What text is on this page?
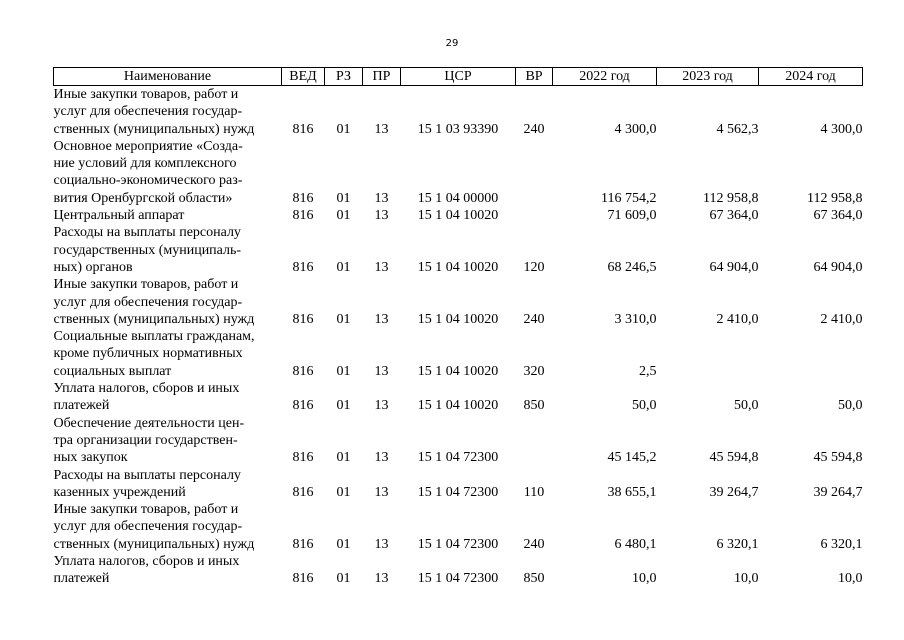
29
Наименование	ВЕД	РЗ	ПР	ЦСР	ВР	2022 год	2023 год	2024 год

Иные закупки товаров, работ и
услуг для обеспечения государ-
ственных (муниципальных) нужд	816	01	13	15 1 03 93390	240	4 300,0	4 562,3	4 300,0

Основное мероприятие «Созда-
ние условий для комплексного
социально-экономического раз-
вития Оренбургской области»	816	01	13	15 1 04 00000		116 754,2	112 958,8	112 958,8

Центральный аппарат	816	01	13	15 1 04 10020		71 609,0	67 364,0	67 364,0

Расходы на выплаты персоналу
государственных (муниципаль-
ных) органов	816	01	13	15 1 04 10020	120	68 246,5	64 904,0	64 904,0

Иные закупки товаров, работ и
услуг для обеспечения государ-
ственных (муниципальных) нужд	816	01	13	15 1 04 10020	240	3 310,0	2 410,0	2 410,0

Социальные выплаты гражданам,
кроме публичных нормативных
социальных выплат	816	01	13	15 1 04 10020	320	2,5		

Уплата налогов, сборов и иных
платежей	816	01	13	15 1 04 10020	850	50,0	50,0	50,0

Обеспечение деятельности цен-
тра организации государствен-
ных закупок	816	01	13	15 1 04 72300		45 145,2	45 594,8	45 594,8

Расходы на выплаты персоналу
казенных учреждений	816	01	13	15 1 04 72300	110	38 655,1	39 264,7	39 264,7

Иные закупки товаров, работ и
услуг для обеспечения государ-
ственных (муниципальных) нужд	816	01	13	15 1 04 72300	240	6 480,1	6 320,1	6 320,1

Уплата налогов, сборов и иных
платежей	816	01	13	15 1 04 72300	850	10,0	10,0	10,0
